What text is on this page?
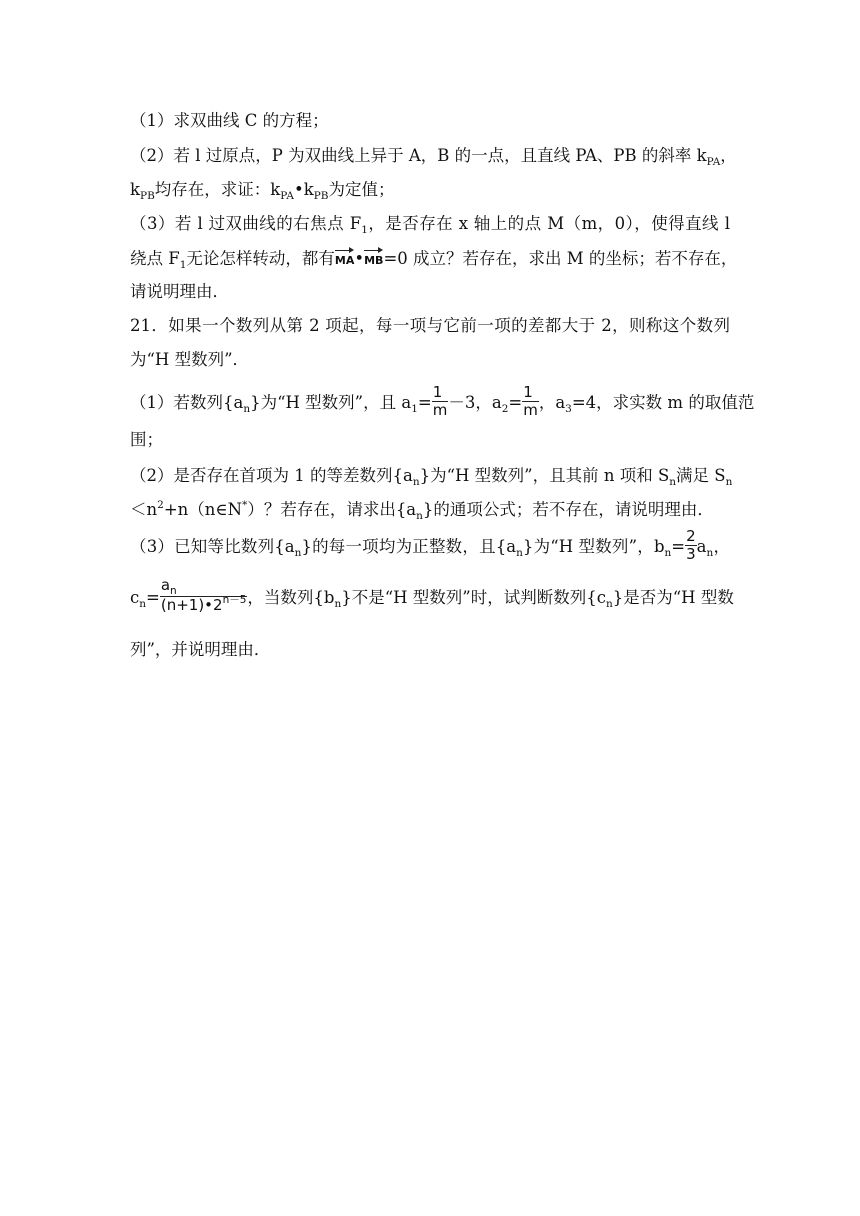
（1）求双曲线 C 的方程；
（2）若 l 过原点，P 为双曲线上异于 A，B 的一点，且直线 PA、PB 的斜率 $k_{PA}$，
$k_{PB}$均存在，求证：$k_{PA}•k_{PB}$为定值；
（3）若 l 过双曲线的右焦点 $F_1$，是否存在 x 轴上的点 M（m，0），使得直线 l
绕点 $F_1$无论怎样转动，都有MA•MB=0 成立？若存在，求出 M 的坐标；若不存在，
请说明理由．
21．如果一个数列从第 2 项起，每一项与它前一项的差都大于 2，则称这个数列
为“H 型数列”．
（1）若数列$\{a_n\}$为“H 型数列”，且 $a_1= \frac{1}{m} -3$，$a_2= \frac{1}{m}$ ，$a_3=4$，求实数 m 的取值范
围；
（2）是否存在首项为 1 的等差数列$\{a_n\}$为“H 型数列”，且其前 n 项和 $S_n$满足 $S_n$
$<n^2+n(n\in N^*)$？若存在，请求出$\{a_n\}$的通项公式；若不存在，请说明理由．
（3）已知等比数列$\{a_n\}$的每一项均为正整数，且$\{a_n\}$为“H 型数列”，$b_n= \frac{2}{3} a_n$，
$c_n= \frac{a_n}{(n+1)•2^{n-5}}$ ，当数列$\{b_n\}$不是“H 型数列”时，试判断数列$\{c_n\}$是否为“H 型数
列”，并说明理由．
